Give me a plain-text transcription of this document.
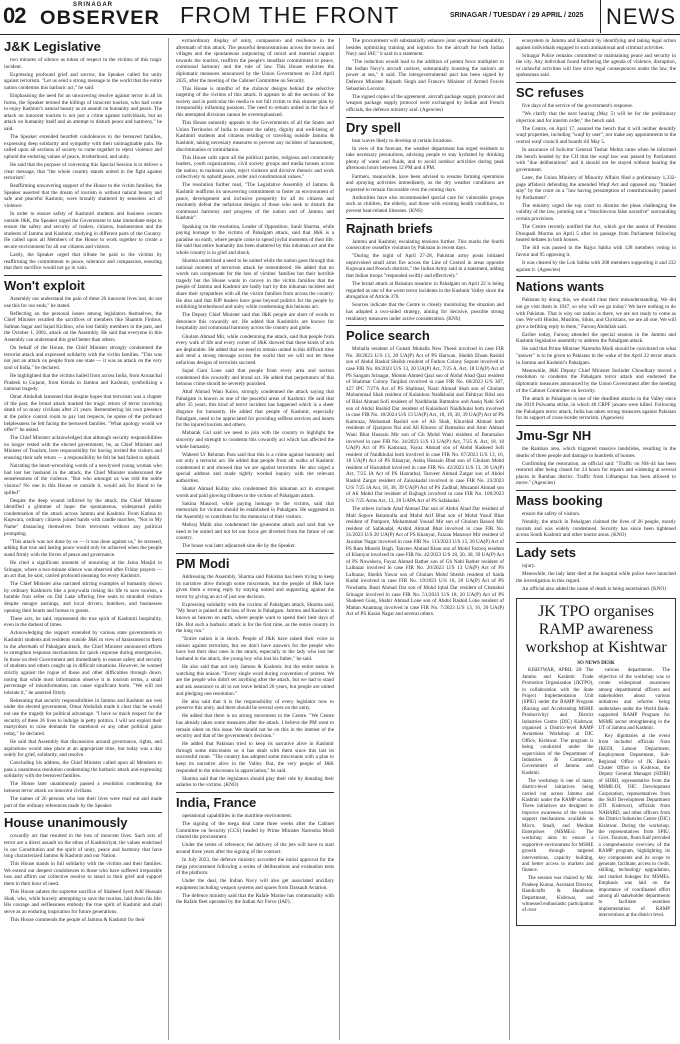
02	SRINAGAR
OBSERVER FROM THE FRONT	SRINAGAR / TUESDAY / 29 APRIL / 2025 NEWS
J&K Legislative

two minutes of silence as token of respect to the victims of this tragic incident.

Expressing profound grief and sorrow, the Speaker called for unity against terrorism. "Let us send a strong message to the world that the entire nation condemns this barbaric act," he said.

Emphasising the need for an unwavering resolve against terror in all its forms, the Speaker termed the killings of innocent tourists, who had come to enjoy Kashmir's natural beauty as an assault on humanity and peace. The attack on innocent tourists is not just a crime against individuals, but an attack on humanity itself and an attempt to disturb peace and harmony," he said.

The Speaker extended heartfelt condolences to the bereaved families, expressing deep solidarity and sympathy with their unimaginable pain. He called upon all sections of society to come together to reject violence and uphold the enduring values of peace, brotherhood, and unity.

He said that the purpose of convening this Special Session is to deliver a clear message, that "the whole country stands united in the fight against terrorism".

Reaffirming unwavering support of the House to the victim families, the Speaker asserted that the dream of tourism is without natural beauty and safe and peaceful Kashmir, were brutally shattered by senseless act of violence.

In order to ensure safety of Kashmiri students and business owners outside J&K, the Speaker urged the Government to take immediate steps to ensure the safety and security of traders, citizens, businessmen and the students of Jammu and Kashmir, studying in different parts of the Country. He called upon all Members of the House to work together to create a secure environment for all our citizens and visitors.

Lastly, the Speaker urged that tribute be paid to the victims by reaffirming the commitment to peace, tolerance and compassion, ensuring that their sacrifice would not go in vain.

Won't exploit

Assembly our understand the pain of these 26 innocent lives lost, do not use this for our ends," he stated.

Reflecting on the personal losses among legislators themselves, the Chief Minister recalled the sacrifices of members like Shamim Firdous, Salman Sagar and Sajad Kichloo, who lost family members in the past, and the October 1, 2001, attack on the Assembly. He said that everyone in this Assembly can understand this grief better than others.

On behalf of the House, the Chief Minister strongly condemned the terrorist attack and expressed solidarity with the victim families. "This was not just an attack on people from one state — it was an attack on the very soul of India," he declared.

He highlighted that the victims hailed from across India, from Arunachal Pradesh to Gujarat, from Kerala to Jammu and Kashmir, symbolizing a national tragedy.

Omar Abdullah lamented that despite hopes that terrorism was a chapter of the past, the brutal attack marked the tragic return of terror involving death of so many civilians after 21 years. Remembering his own presence at the police control room to pay last respects, he spoke of the profound helplessness he felt facing the bereaved families. "What apology would we offer?" he asked.

The Chief Minister acknowledged that although security responsibilities no longer rested with the elected government, he, as Chief Minister and Minister of Tourism, bore responsibility for having invited the visitors and ensuring their safe return — a responsibility he felt he had failed to uphold.

Narrating the heart-wrenching words of a newlywed young woman who had lost her husband in the attack, the Chief Minister underscored the senselessness of the violence. "But who amongst us was told the noble visions? No one in this House or outside it, would ask for blood to be spilled"

Despite the deep wound inflicted by the attack, the Chief Minister identified a glimmer of hope: the spontaneous, widespread public condemnation of the attack across Jammu and Kashmir. From Kathua to Kupwara, ordinary citizens joined hands with candle marches, "Not in My Name" distancing themselves from terrorism without any political prompting.

"This attack was not done by us — it was done against us," he stressed, adding that true and lasting peace would only be achieved when the people stand firmly with the forces of peace and governance.

He cited a significant moment of mourning at the Jama Masjid in Srinagar, where a two-minute silence was observed after Friday prayers — an act that, he said, carried profound meaning for every Kashmiri.

The Chief Minister also narrated stirring examples of humanity shown by ordinary Kashmiris like a ponywalla risking his life to save tourists, a humble fruit seller on Dal Lake offering free seats to stranded visitors despite meagre earnings, and local drivers, hoteliers, and businesses opening their hearts and homes to guests.

These acts, he said, represented the true spirit of Kashmiri hospitality, even in the darkest of times.

Acknowledging the support extended by various state governments to Kashmiri students and residents outside J&K in view of harassment to them in the aftermath of Pahalgam attack, the Chief Minister announced efforts to strengthen response mechanisms for quick response during emergencies. In those on their Government anti immediately to ensure safety and security of students and others caught up in difficult situations. However, he warned strictly against the rogue of those and other difficulties through down, noting that while most information observe it in tourism terms, a small percentage of misinformation can cause significant harm. "We will not tolerate it," he asserted firmly.

Reiterating that security responsibilities in Jammu and Kashmir are vest under the elected government, Omar Abdullah made it clear that he would not use the tragedy for political advantage. "I have so much respect for the security of these 26 lives to indulge in petty politics. I will not exploit their martyrdom to raise demands for statehood or any other political gains today," he declared.

He said that Assembly that discussions around governance, rights, and aspirations would take place at an appropriate time, but today was a day solely for grief, solidarity, and resolve.

Concluding his address, the Chief Minister called upon all Members to pass a unanimous resolution condemning the barbaric attack and expressing solidarity with the bereaved families.

The House later unanimously passed a resolution condemning the heinous terror attack on innocent civilians.

The names of 26 persons who lost their lives were read out and made part of the ordinary references made by the Speaker.

House unanimously

cowardly act that resulted in the loss of innocent lives. Such acts of terror are a direct assault on the ethos of Kashmiriyat, the values enshrined in our Constitution and the spirit of unity, peace and harmony that have long characterized Jammu & Kashmir and our Nation.

This House stands in full solidarity with the victims and their families. We extend our deepest condolences to those who have suffered irreparable loss and affirm our collective resolve to stand in their grief and support them in their hour of need.

This House salutes the supreme sacrifice of Shaheed Syed Adil Hussain Shah, who, while bravely attempting to save the tourists, laid down his life. His courage and selflessness embody the true spirit of Kashmir and shall serve as an enduring inspiration for future generations.

This House commends the people of Jammu & Kashmir for their

extraordinary display of unity, compassion and resilience in the aftermath of this attack. The peaceful demonstrations across the towns and villages and the spontaneous outpouring of moral and material support towards the tourists, reaffirm the people's steadfast commitment to peace, communal harmony and the rule of law. This House endorses the diplomatic measures announced by the Union Government on 23rd April 2025, after the meeting of the Cabinet Committee on Security.

This House is mindful of the chilavar designs behind the selective targeting of the victims of this attack. It appeals to all the sections of the society and in particular the media to not fall victim to this sinister plan by irresponsibly inflaming passions. The need to remain united in the face of this attempted divisions cannot be overemphasized.

This House earnestly appeals to the Governments of all the States and Union Territories of India to ensure the safety, dignity and well-being of Kashmiri students and citizens residing or traveling outside Jammu & Kashmir, taking necessary measures to prevent any incident of harassment, discrimination or intimidation.

This House calls upon all the political parties, religious and community leaders, youth organizations, civil society groups and media houses across the nation, to maintain calm, reject violence and divisive rhetoric and work collectively to uphold peace, order and constitutional values."

The resolution further read, "The Legislative Assembly of Jammu & Kashmir reaffirms its unwavering commitment to foster an environment of peace, development and inclusive prosperity for all its citizens and resolutely defeat the nefarious designs of those who seek to disturb the communal harmony and progress of the nation and of Jammu and Kashmir".

Speaking on the resolution, Leader of Opposition, Sunil Sharma, while paying homage to the victims of Pahalgam attack, said that J&K is a paradise on earth, where people come to spend joyful moments of their life. He said that entire humanity has been shattered by this inhuman act and the whole country is in grief and shock.

Sharma underlined a need to be united while the nation goes through this national moment of terrorism attack he remembered. He added that no words can compensate for the loss of victims' families but their horrible tragedy but the House wants to convey to the victim families that the people of Jammu and Kashmir are badly hurt by this inhuman incident and share their sympathies with all the victim families from across the country. He also said that BJP leaders have gone beyond politics for the people by exhibiting brotherhood and unity while condemning this heinous act.

The Deputy Chief Minister said that J&K people are short of words to denounce this cowardly act. He added that Kashmiris are known for hospitality and communal harmony across the country and globe.

Ghulam Ahmad Mir, while condemning the attack, said that people from every walk of life and every corner of J&K showed that these kinds of acts are deplorable. He added that we need to remain united in this difficult time and send a strong message across the world that we will not let these nefarious designs of terrorists succeed.

Sajad Gani Lone said that people from every area and section condemned this cowardly and brutal act. He added that perpetrators of this heinous crime should be severely punished.

Altaf Ahmad Wani Kaloo, strongly condemned the attack saying that Pahalgam is known as one of the peaceful areas of Kashmir. He said that after 35 years, this kind of terror incident has happened which is a sheer disgrace for humanity. He added that people of Kashmir, especially Pahalgam, need to be appreciated for providing selfless services and hearts for the injured tourists and others.

Mubarak Gul said we need to join with the country to highlight the sincerity and strength to condemn this cowardly act which has affected the whole humanity.

Waheed Ur Rehman Para said that this is a crime against humanity and not only a terrorist act. He added that people from all walks of Kashmir condemned it and showed that we are against terrorism. He also urged a special address and made tightly worded inquiry with the relevant authorities.

Shabir Ahmad Kullay also condemned this inhuman act in strongest words and paid glowing tributes to the victims of Pahalgam attack.

Sakina Masood, while paying homage to the victims, said that memorials for victims should be established in Pahalgam. He suggested in the Assembly to contribute for the memorial of their visitors.

Mehraj Malik also condemned the gruesome attack and said that we need to be united and not let our focus get diverted from the future of our country.

The house was later adjourned sine die by the Speaker.

PM Modi

Addressing the Assembly, Sharma said Pakistan has been trying to keep its narrative alive through some miscreants, but the people of J&K have given them a strong reply by staying united and supporting against the terror by giving an act of just one decision.

Expressing solidarity with the victims of Pahalgam attack, Sharma said, "My heart is pained at the loss of lives in Pahalgam. Jammu and Kashmir is known as heaven on earth, where people want to spend their best days of life. But such a barbaric attack is for the first time, as the entire country in the long run."

"Entire nation is in shock. People of J&K have raised their voice in unison against terrorism, but we don't have answers for the people who have lost their dear ones in the attack, especially to the lady who lost her husband in the attack, the young boy who lost his father," he said.

He also said that not only Jammu & Kashmir, but the entire nation is watching this unison. "Every single word during convention of protest. We are the people who didn't set anything after the attack, but we had to stand and ask assurance to all to not leave behind 26 years, but people are united and pledging one resolution."

He also said that it is the responsibility of every legislator now to preserve this unity, and there should be several eyes on the unity.

He added that there is no strong movement in the Centre. "We Centre has already taken some measures after the attack. I believe the PM went to remain silent on this issue. We should not be on this in the interest of the security and that of the government's decision."

He added that Pakistan tried to keep its narrative alive in Kashmir through some miscreants so it has dealt with them since this last its successful route. "The country has adopted some miscreants with a plan to keep its narrative alive in the Valley. But, the very people of J&K responded to the miscreants in appreciation," he said.

Sharma said that the legislators should play their role by donating their salaries to the victims. (KNO)

India, France

operational capabilities in the maritime environment.

The signing of the mega deal came three weeks after the Cabinet Committee on Security (CCS) headed by Prime Minister Narendra Modi cleared the procurement.

Under the terms of reference, the delivery of the jets will have to start around three years after the signing of the contract.

In July 2023, the defence ministry accorded the initial approval for the mega procurement following a series of deliberations and evaluation tests of the platform.

Under the deal, the Indian Navy will also get associated ancillary equipment including weapon systems and spares from Dassault Aviation.

The defence ministry said that the Rafale Marine has commonality with the Rafale fleet operated by the Indian Air Force (IAF).

The procurement will substantially enhance joint operational capability, besides optimizing training and logistics for the aircraft for both Indian Navy and IAF," it said in a statement.

"The induction would lead to the addition of potent force multiplier to the Indian Navy's aircraft carriers, substantially boosting the nation's air power at sea," it said. The intergovernmental pact has been signed by Defence Minister Rajnath Singh and France's Minister of Armed Forces Sebastien Lecornu.

The signed copies of the agreement, aircraft package supply protocol and weapon package supply protocol were exchanged by Indian and French officials, the defence ministry said. (Agencies)

Dry spell

heat waves likely to develop at certain locations.

In view of the forecast, the weather department has urged residents to take necessary precautions, advising people to stay hydrated by drinking plenty of water and fluids, and to avoid outdoor activities during peak afternoon hours between 12 PM and 4 PM.

Farmers, meanwhile, have been advised to resume farming operations and spraying activities immediately, as the dry weather conditions are expected to remain favourable over the coming days.

Authorities have also recommended special care for vulnerable groups such as children, the elderly, and those with existing health conditions, to prevent heat-related illnesses. (KNS)

Rajnath briefs

Jammu and Kashmir, escalating tensions further. This marks the fourth consecutive ceasefire violation by Pakistan in recent days.

"During the night of April 27-28, Pakistan army posts initiated unprovoked small arms fire across the Line of Control in areas opposite Kupwara and Poonch districts," the Indian Army said in a statement, adding that Indian troops "responded swiftly and effectively."

The brutal attack at Baisaran meadow in Pahalgam on April 22 is being regarded as one of the worst terror incidents in the Kashmir Valley since the abrogation of Article 370.

Sources indicate that the Centre is closely monitoring the situation and has adopted a two-sided strategy, aiming for decisive, possible strong retaliatory measures under active consideration. (KNS)

Police search

Mohalla resident of Gunati Mohalla New Theed involved in case FIR No. 38/2023 U/S 13, 20 UA(P) Act of PS Harwan, Sheikh Ehsan Rashid son of Abdul Rashid Sheikh resident of Fathoo Colony Sopore involved in case FIR No. 86/2023 U/S 13, 20 UA(P) Act, 7/25 A. Act, 18 UA(P) Act of PS Sangam Srinagar, Momin Ahmed Qazi son of Abdul Ahad Qazi resident of Shalimar Colony Tanjibal involved in case FIR No. 68/2023 U/S 307, 427 IPC 7/27A Act of PS Shalimar, Nazir Ahmad Shah son of Ghulam Mohammad Shah resident of Kalaidora Naidkhulai and Ekhtiyar Bilal son of Bilal Ahmad Sofi resident of Naidkhulai Batmaloo and Aasiq Nabi Sofi son of Abdul Rashid Dar resident of Kalaidoori Naidkhulai both involved in case FIR No. 18/2024 U/S 13 UA(P) Act, 18, 19, 38, 39 UA(P) Act of PS Kamraza, Mohamad Rashid son of Ali Shah, Khurshid Ahmad both residents of Qazipora Nai and Ali Khuroo of Batmaloo and Amir Ahmad Wani Bhat Hussain Mir son of Gh Mohd Wani resident of Batamaloo involved in case FIR No. 34/2023 U/S 13 UA(P) Act, 7/25 A. Act, 18, 18 UA(P) Act of PS Kamraza, Fayaz Ahmad son of Abdul Rasheed Sofi resident of Naidkhulai both involved in case FIR No. 67/2023 U/S 13, 16, 18 UA(P) Act of PS Khanyar, Ashiq Hussain Bhat son of Ghulam Mohd resident of Hazratbal involved in case FIR No. 42/2023 U/S 13, 20 UA(P) Act, 7/25 IA Act of PS Hazratbal, Tanveer Ahmad Zargar son of Abdul Rashid Zargar resident of Zainakadal involved in case FIR No. 23/2023 U/S 7/25 IA Act, 18, 38, 39 UA(P) Act of PS Zadibal, Muzamil Ahmad son of Ali Mohd Dar resident of Rajbagh involved in case FIR No. 106/2023 U/S 7/25 Arms Act, 13, 20 UAPA Act of PS Safakadal.

The others include Altaf Ahmad Dar son of Abdul Ahad Dar resident of Mall Sopore Baramulla and Mohd Arif Bhat son of Mohd Yusuf Bhat resident of Pampore, Mohammad Yousuf Mir son of Ghulam Rasool Mir resident of Safakadal, Arshid Ahmad Bhat involved in case FIR No. 31/2023 U/S 20 UA(P) Act of PS Khanyar, Faizan Manzoor Mir resident of Jawahar Nagar involved in case FIR No. 113/2023 U/S 13, 20 UA(P) Act of PS Ram Munshi Bagh, Tanveer Ahmad Khan son of Mohd Farooq resident of Khanyar involved in case FIR No. 42/2023 U/S 18, 20, 38, 39 UA(P) Act of PS Nowshera, Fayaz Ahmad Rather son of Gh Nabi Rather resident of Lalbazar involved in case FIR No. 20/2023 U/S 13 UA(P) Act of PS Lalbazar, Sheikh Yawar son of Ghulam Mohd Sheikh resident of Saida Kadal involved in case FIR No. 19/2023 U/S 18, 20 UA(P) Act of PS Nowhatta, Basit Ahmad Dar son of Mohd Iqbal Dar resident of Chattabal Srinagar involved in case FIR No. 51/2023 U/S 18, 20 UA(P) Act of PS Shaheed Gunj, Shabir Ahmad Lone son of Abdul Rashid Lone resident of Mattan Anantnag involved in case FIR No. 7/2023 U/S 13, 16, 20 UA(P) Act of PS Karan Nagar and several others.

ecosystem in Jammu and Kashmir by identifying and taking legal action against individuals engaged in such antinational and criminal activities.

Srinagar Police remains committed to maintaining peace and security in the city. Any individual found furthering the agenda of violence, disruption, or unlawful activities will face strict legal consequences under the law, the spokesman said.

SC refuses

five days of the service of the government's response.

"We clarify that the next hearing (May 5) will be for the preliminary objection and for interim order," the bench said.

The Centre, on April 17, assured the bench that it will neither denotify waqf properties, including "waqf by user", nor make any appointments to the central waqf council and boards till May 5.

In assurance of Solicitor General Tushar Mehta came when he informed the bench headed by the CJI that the waqf law was passed by Parliament with "due deliberations" and it should not be stayed without hearing the government.

Later, the Union Ministry of Minority Affairs filed a preliminary 1,332-page affidavit defending the amended Waqf Act and opposed any "blanket stay" by the court on a "law having presumption of constitutionality passed by Parliament".

The ministry urged the top court to dismiss the pleas challenging the validity of the law, pointing out a "mischievous false narrative" surrounding certain provisions.

The Centre recently notified the Act, which got the assent of President Droupadi Murmu on April 5 after its passage from Parliament following heated debates in both houses.

The bill was passed in the Rajya Sabha with 128 members voting in favour and 95 opposing it.

It was cleared by the Lok Sabha with 288 members supporting it and 232 against it. (Agencies)

Nations wants

Pakistan by doing this, we should clear their misunderstanding. We did not go visit them in 1947, so why will we go today? We have nothing to do with Pakistan. That is why our nation is there, we are not ready to come as one. We will Hindus, Muslims, Sikhs, and Christians, we are all one. We will give a befitting reply to them," Farooq Abdullah said.

Earlier today, Farooq attended the special session in the Jammu and Kashmir legislative assembly to address the Pahalgam attack.

He said that Prime Minister Narendra Modi should be convinced on what "answer" is to be given to Pakistan in the wake of the April 22 terror attack in Jammu and Kashmir's Pahalgam.

Meanwhile, J&K Deputy Chief Minister Surinder Choudhary moved a resolution to condemn the Pahalgam terror attack and endorsed the diplomatic measures announced by the Union Government after the meeting of the Cabinet Committee on Security.

The attack in Pahalgam is one of the deadliest attacks in the Valley since the 2019 Pulwama strike, in which 40 CRPF jawans were killed. Following the Pahalgam terror attack, India has taken strong measures against Pakistan for its support of cross-border terrorism. (Agencies)

Jmu-Sgr NH

the Ramban area, which triggered massive landslides, resulting in the deaths of three people and damage to hundreds of houses.

Confirming the restoration, an official said: "Traffic on NH-44 has been restored after being closed for 24 hours for repairs and widening at several places in Ramban district. Traffic from Udhampur has been allowed to move." (Agencies)

Mass booking

ensure the safety of visitors.

Notably, the attack in Pahalgam claimed the lives of 26 people, mostly tourists and was widely condemned. Security has since been tightened across South Kashmir and other tourist areas. (KNO)

Lady sets

injury.

Meanwhile, the lady later died at the hospital while police have launched the investigation in this regard.

An official also added the cause of death is being ascertained. (KNO)

JK TPO organises RAMP awareness workshop at Kishtwar
SO NEWS DESK

KISHTWAR, APRIL 28: The Jammu and Kashmir Trade Promotion Organisation (JKTPO), in collaboration with the State Project Implementation Unit (SPIU) under the RAMP Program (Raising and Accelerating MSME Productivity) and District Industries Centre (DIC) Kishtwar, organised a District-level RAMP Awareness Workshop at DIC Office, Kishtwar. The program is being conducted under the supervision of the Department of Industries & Commerce, Government of Jammu and Kashmir.

The workshop is one of many district-level initiatives being carried out across Jammu and Kashmir under the RAMP scheme. These initiatives are designed to improve awareness of the various support mechanisms available to Micro, Small, and Medium Enterprises (MSMEs). The workshop aims to ensure a supportive environment for MSME growth through targeted interventions, capacity building, and better access to markets and finance.

The session was chaired by Mr. Pradeep Kumar, Assistant Director, Handicrafts & Handloom Department, Kishtwar, and witnessed enthusiastic participation of over

various departments. The objective of the workshop was to create widespread awareness among departmental officers and stakeholders about various initiatives and reforms being undertaken under the World Bank-supported RAMP Program for MSME sector strengthening in the UT of Jammu and Kashmir.

Key dignitaries at the event from included officials from JKEDI, Labour Department, Employment Department, Sub-Regional Office of JK Bank's Cluster Office in Kishtwar, the Deputy General Manager (SIDBI) of SIDBI, representative from the MSME-DI, DIC Development Corporation, representatives from the Skill Development Department (ITI Kishtwar), officials from NABARD, and other officers from the District Industries Centre (DIC) Kishtwar. During the workshop, the representatives from SPIU, Govt. Tourism, Jhum Kaif provided a comprehensive overview of the RAMP program, highlighting its key components and its scope to generate, facilitate, access to credit, skilling, technology upgradation, and market linkages for MSMEs. Emphasis was laid on the importance of coordinated effort among all stakeholder departments to facilitate seamless implementation of RAMP interventions at the district level.
